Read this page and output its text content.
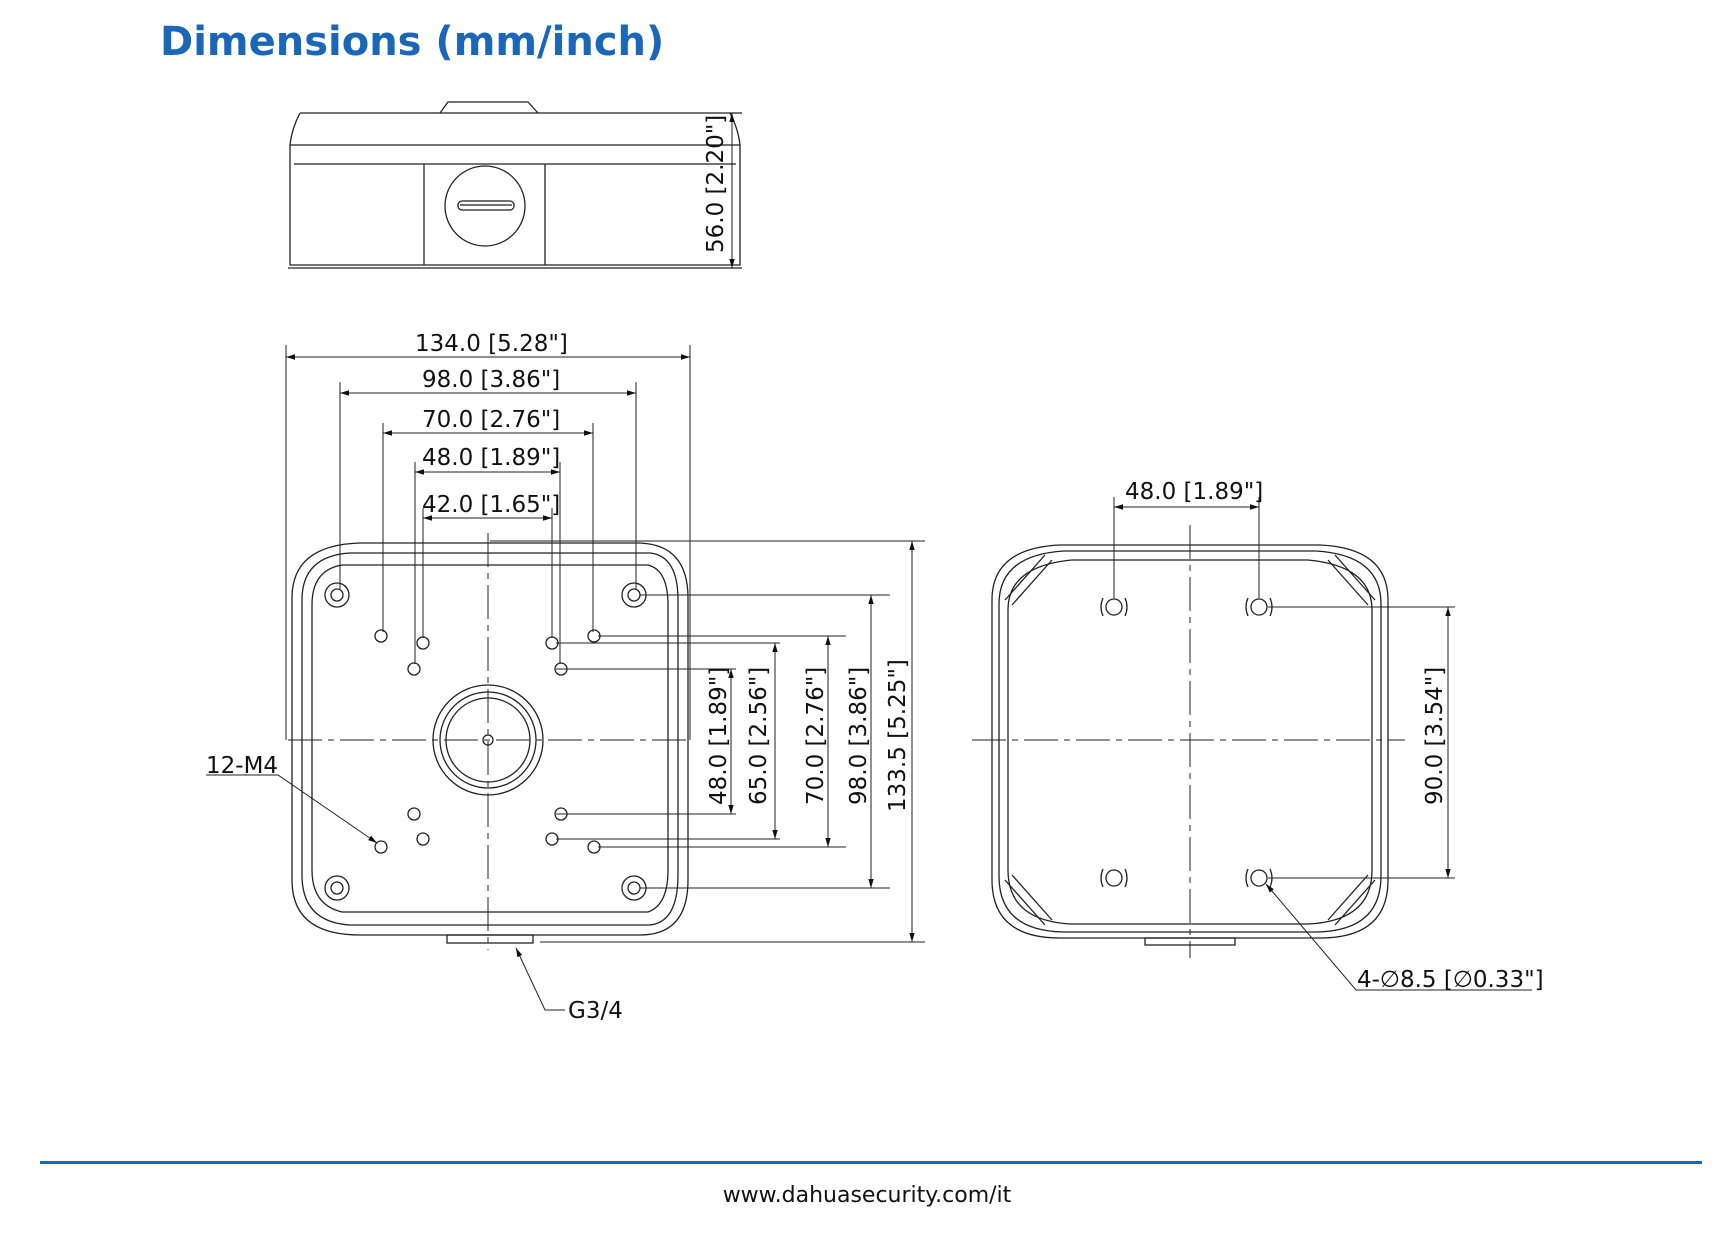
Dimensions (mm/inch)
56.0 [2.20"]
134.0 [5.28"]
98.0 [3.86"]
70.0 [2.76"]
48.0 [1.89"]
42.0 [1.65"]
48.0 [1.89"] 65.0 [2.56"] 70.0 [2.76"] 98.0 [3.86"] 133.5 [5.25"]
12-M4
G3/4
48.0 [1.89"]
90.0 [3.54"]
4-∅8.5 [∅0.33"]
www.dahuasecurity.com/it
